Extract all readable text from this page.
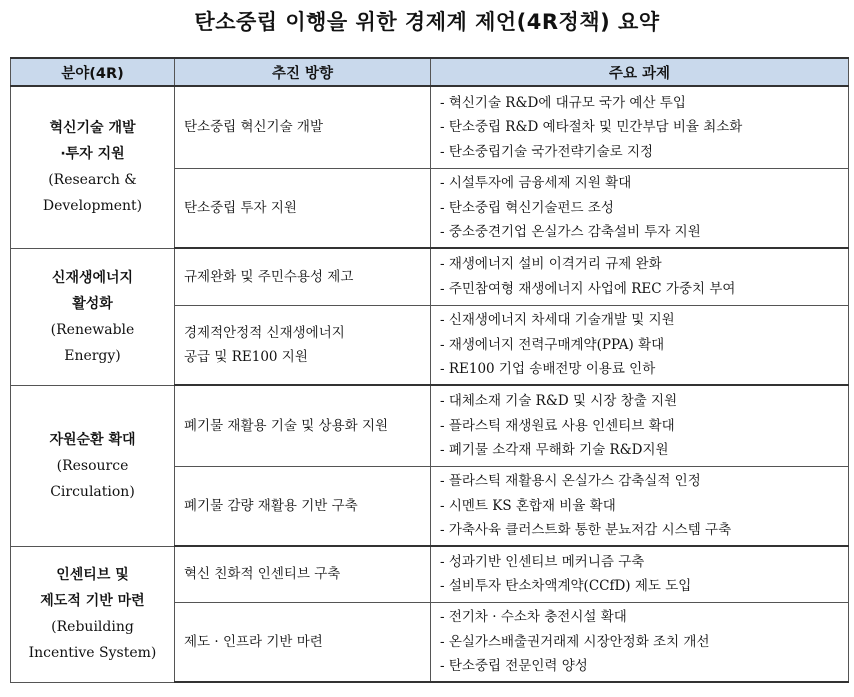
탄소중립 이행을 위한 경제계 제언(4R정책) 요약
분야(4R)	추진 방향	주요 과제

혁신기술 개발
·투자 지원
(Research &
Development)	탄소중립 혁신기술 개발	- 혁신기술 R&D에 대규모 국가 예산 투입
- 탄소중립 R&D 예타절차 및 민간부담 비율 최소화
- 탄소중립기술 국가전략기술로 지정

	탄소중립 투자 지원	- 시설투자에 금융세제 지원 확대
- 탄소중립 혁신기술펀드 조성
- 중소중견기업 온실가스 감축설비 투자 지원

신재생에너지
활성화
(Renewable
Energy)	규제완화 및 주민수용성 제고	- 재생에너지 설비 이격거리 규제 완화
- 주민참여형 재생에너지 사업에 REC 가중치 부여

	경제적안정적 신재생에너지
공급 및 RE100 지원	- 신재생에너지 차세대 기술개발 및 지원
- 재생에너지 전력구매계약(PPA) 확대
- RE100 기업 송배전망 이용료 인하

자원순환 확대
(Resource
Circulation)	폐기물 재활용 기술 및 상용화 지원	- 대체소재 기술 R&D 및 시장 창출 지원
- 플라스틱 재생원료 사용 인센티브 확대
- 폐기물 소각재 무해화 기술 R&D지원

	폐기물 감량 재활용 기반 구축	- 플라스틱 재활용시 온실가스 감축실적 인정
- 시멘트 KS 혼합재 비율 확대
- 가축사육 클러스트화 통한 분뇨저감 시스템 구축

인센티브 및
제도적 기반 마련
(Rebuilding
Incentive System)	혁신 친화적 인센티브 구축	- 성과기반 인센티브 메커니즘 구축
- 설비투자 탄소차액계약(CCfD) 제도 도입

	제도 · 인프라 기반 마련	- 전기차 · 수소차 충전시설 확대
- 온실가스배출권거래제 시장안정화 조치 개선
- 탄소중립 전문인력 양성
